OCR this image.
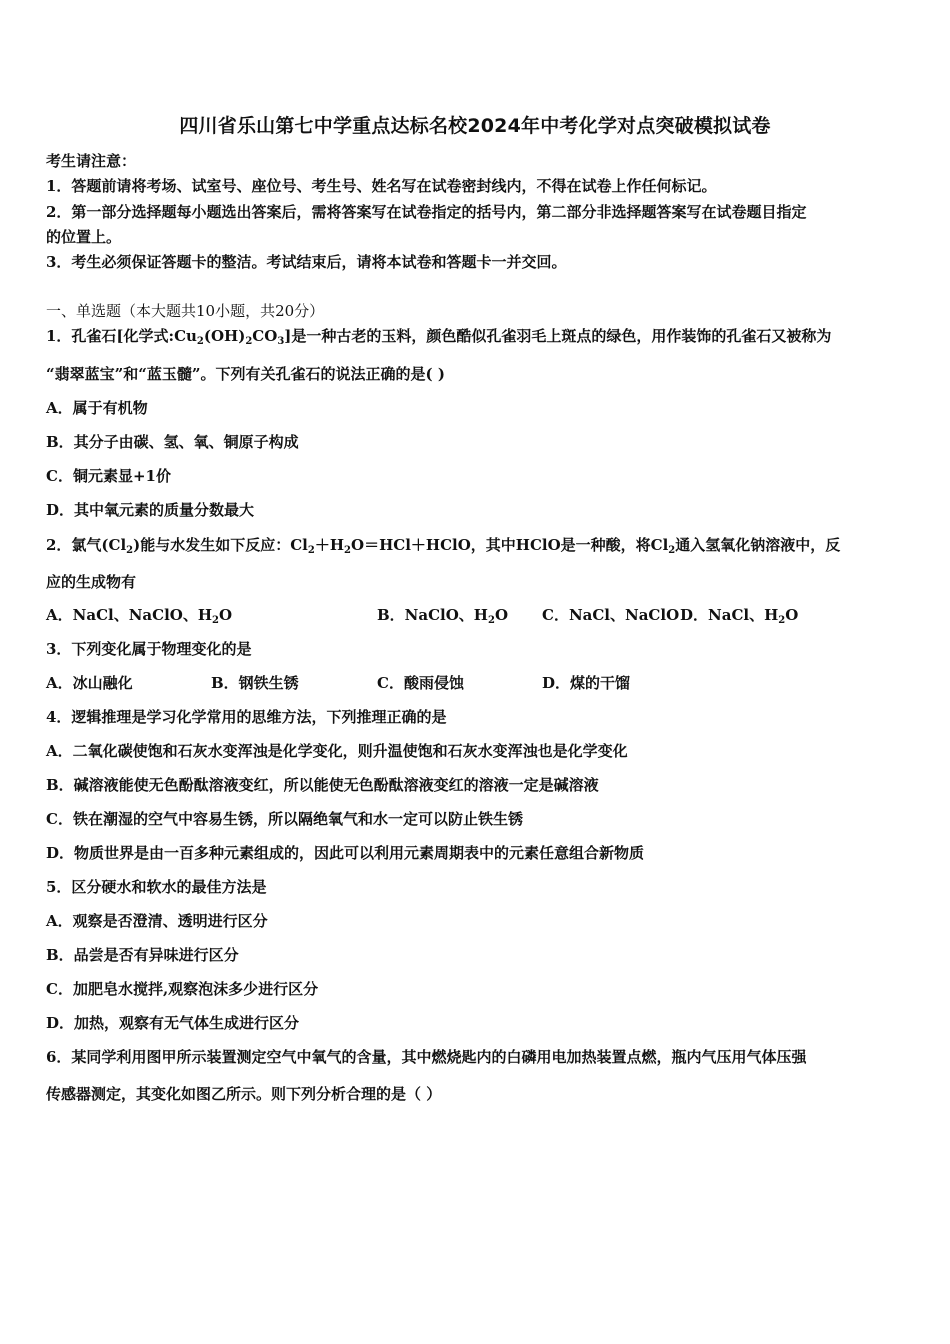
四川省乐山第七中学重点达标名校2024年中考化学对点突破模拟试卷
考生请注意：
1．答题前请将考场、试室号、座位号、考生号、姓名写在试卷密封线内，不得在试卷上作任何标记。
2．第一部分选择题每小题选出答案后，需将答案写在试卷指定的括号内，第二部分非选择题答案写在试卷题目指定
的位置上。
3．考生必须保证答题卡的整洁。考试结束后，请将本试卷和答题卡一并交回。
一、单选题（本大题共10小题，共20分）
1．孔雀石[化学式$:Cu_2(OH)_2CO_3$]是一种古老的玉料，颜色酷似孔雀羽毛上斑点的绿色，用作装饰的孔雀石又被称为
“翡翠蓝宝”和“蓝玉髓”。下列有关孔雀石的说法正确的是( )
A．属于有机物
B．其分子由碳、氢、氧、铜原子构成
C．铜元素显+1价
D．其中氧元素的质量分数最大
2．氯气$(Cl_2)$能与水发生如下反应：$Cl_2+H_2O=HCl+HClO$，其中HClO是一种酸，将$Cl_2$通入氢氧化钠溶液中，反
应的生成物有
A．NaCl、NaClO、$H_2O$	B．NaClO、$H_2O$ C．NaCl、NaClO D．NaCl、$H_2O$
3．下列变化属于物理变化的是
A．冰山融化	B．钢铁生锈	C．酸雨侵蚀	D．煤的干馏
4．逻辑推理是学习化学常用的思维方法，下列推理正确的是
A．二氧化碳使饱和石灰水变浑浊是化学变化，则升温使饱和石灰水变浑浊也是化学变化
B．碱溶液能使无色酚酞溶液变红，所以能使无色酚酞溶液变红的溶液一定是碱溶液
C．铁在潮湿的空气中容易生锈，所以隔绝氧气和水一定可以防止铁生锈
D．物质世界是由一百多种元素组成的，因此可以利用元素周期表中的元素任意组合新物质
5．区分硬水和软水的最佳方法是
A．观察是否澄清、透明进行区分
B．品尝是否有异味进行区分
C．加肥皂水搅拌,观察泡沫多少进行区分
D．加热，观察有无气体生成进行区分
6．某同学利用图甲所示装置测定空气中氧气的含量，其中燃烧匙内的白磷用电加热装置点燃，瓶内气压用气体压强
传感器测定，其变化如图乙所示。则下列分析合理的是（ ）
